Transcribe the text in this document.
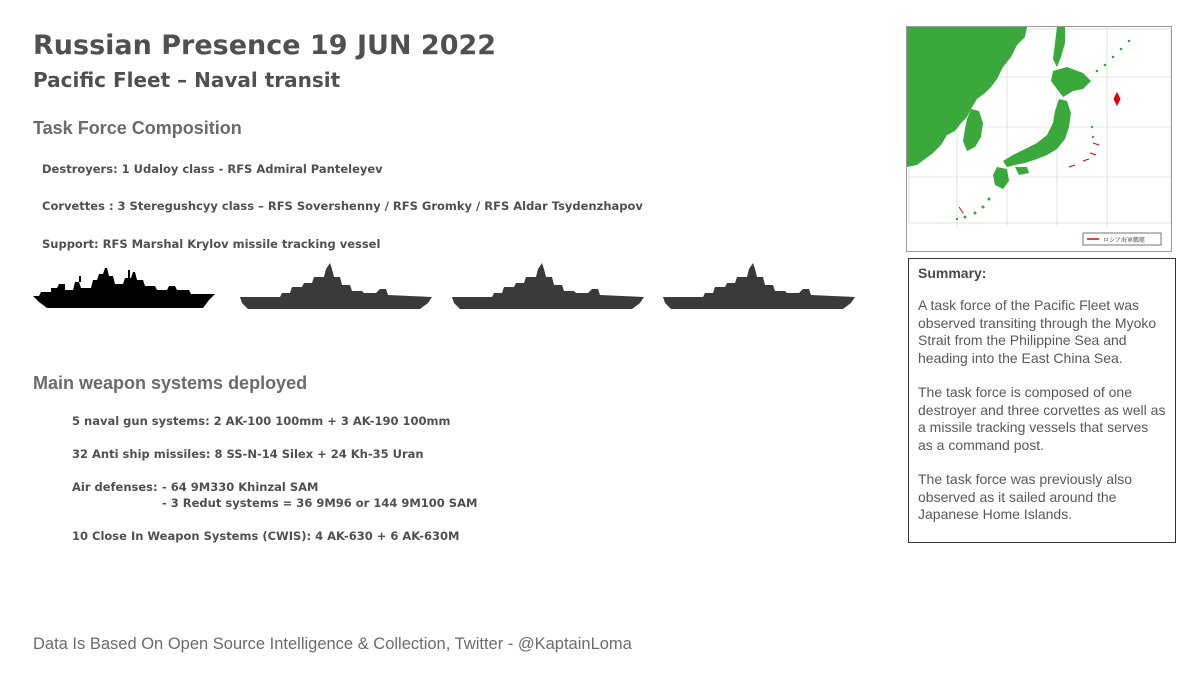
Russian Presence 19 JUN 2022
Pacific Fleet – Naval transit
Task Force Composition
Destroyers: 1 Udaloy class - RFS Admiral Panteleyev
Corvettes : 3 Steregushcyy class – RFS Sovershenny / RFS Gromky / RFS Aldar Tsydenzhapov
Support: RFS Marshal Krylov missile tracking vessel
Main weapon systems deployed
5 naval gun systems: 2 AK-100 100mm + 3 AK-190 100mm
32 Anti ship missiles: 8 SS-N-14 Silex + 24 Kh-35 Uran
Air defenses: - 64 9M330 Khinzal SAM
- 3 Redut systems = 36 9M96 or 144 9M100 SAM
10 Close In Weapon Systems (CWIS): 4 AK-630 + 6 AK-630M
ロシア海軍艦艇
Summary:
A task force of the Pacific Fleet was observed transiting through the Myoko Strait from the Philippine Sea and heading into the East China Sea.
The task force is composed of one destroyer and three corvettes as well as a missile tracking vessels that serves as a command post.
The task force was previously also observed as it sailed around the Japanese Home Islands.
Data Is Based On Open Source Intelligence & Collection, Twitter - @KaptainLoma
